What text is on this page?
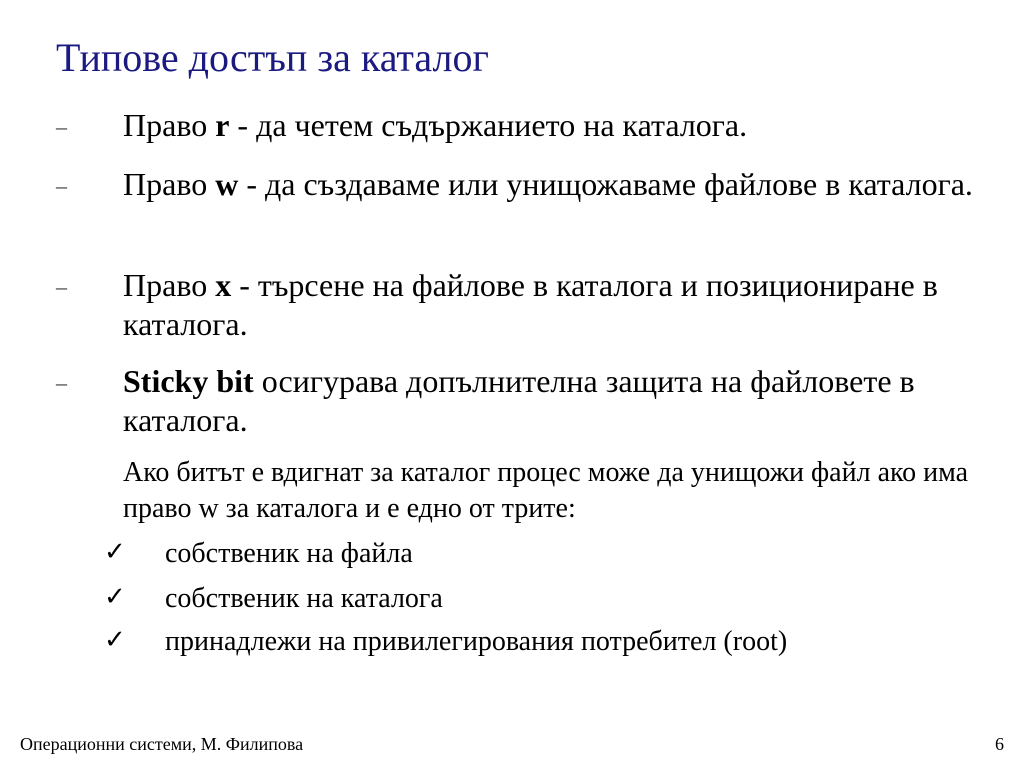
Типове достъп за каталог
– Право r - да четем съдържанието на каталога.
– Право w - да създаваме или унищожаваме файлове в каталога.
– Право x - търсене на файлове в каталога и позициониране в каталога.
– Sticky bit осигурава допълнителна защита на файловете в каталога.
Ако битът е вдигнат за каталог процес може да унищожи файл ако има право w за каталога и е едно от трите:
✓ собственик на файла
✓ собственик на каталога
✓ принадлежи на привилегирования потребител (root)
Операционни системи, М. Филипова	6
